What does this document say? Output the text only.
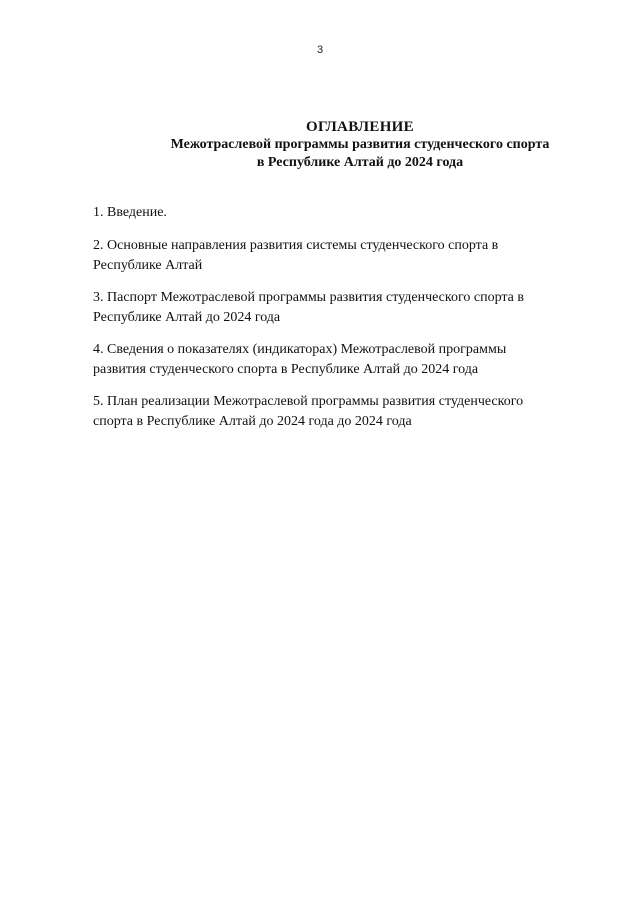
3
ОГЛАВЛЕНИЕ
Межотраслевой программы развития студенческого спорта
в Республике Алтай до 2024 года
1. Введение.
2. Основные направления развития системы студенческого спорта в
Республике Алтай
3. Паспорт Межотраслевой программы развития студенческого спорта в
Республике Алтай до 2024 года
4. Сведения о показателях (индикаторах) Межотраслевой программы
развития студенческого спорта в Республике Алтай до 2024 года
5. План реализации Межотраслевой программы развития студенческого
спорта в Республике Алтай до 2024 года до 2024 года
